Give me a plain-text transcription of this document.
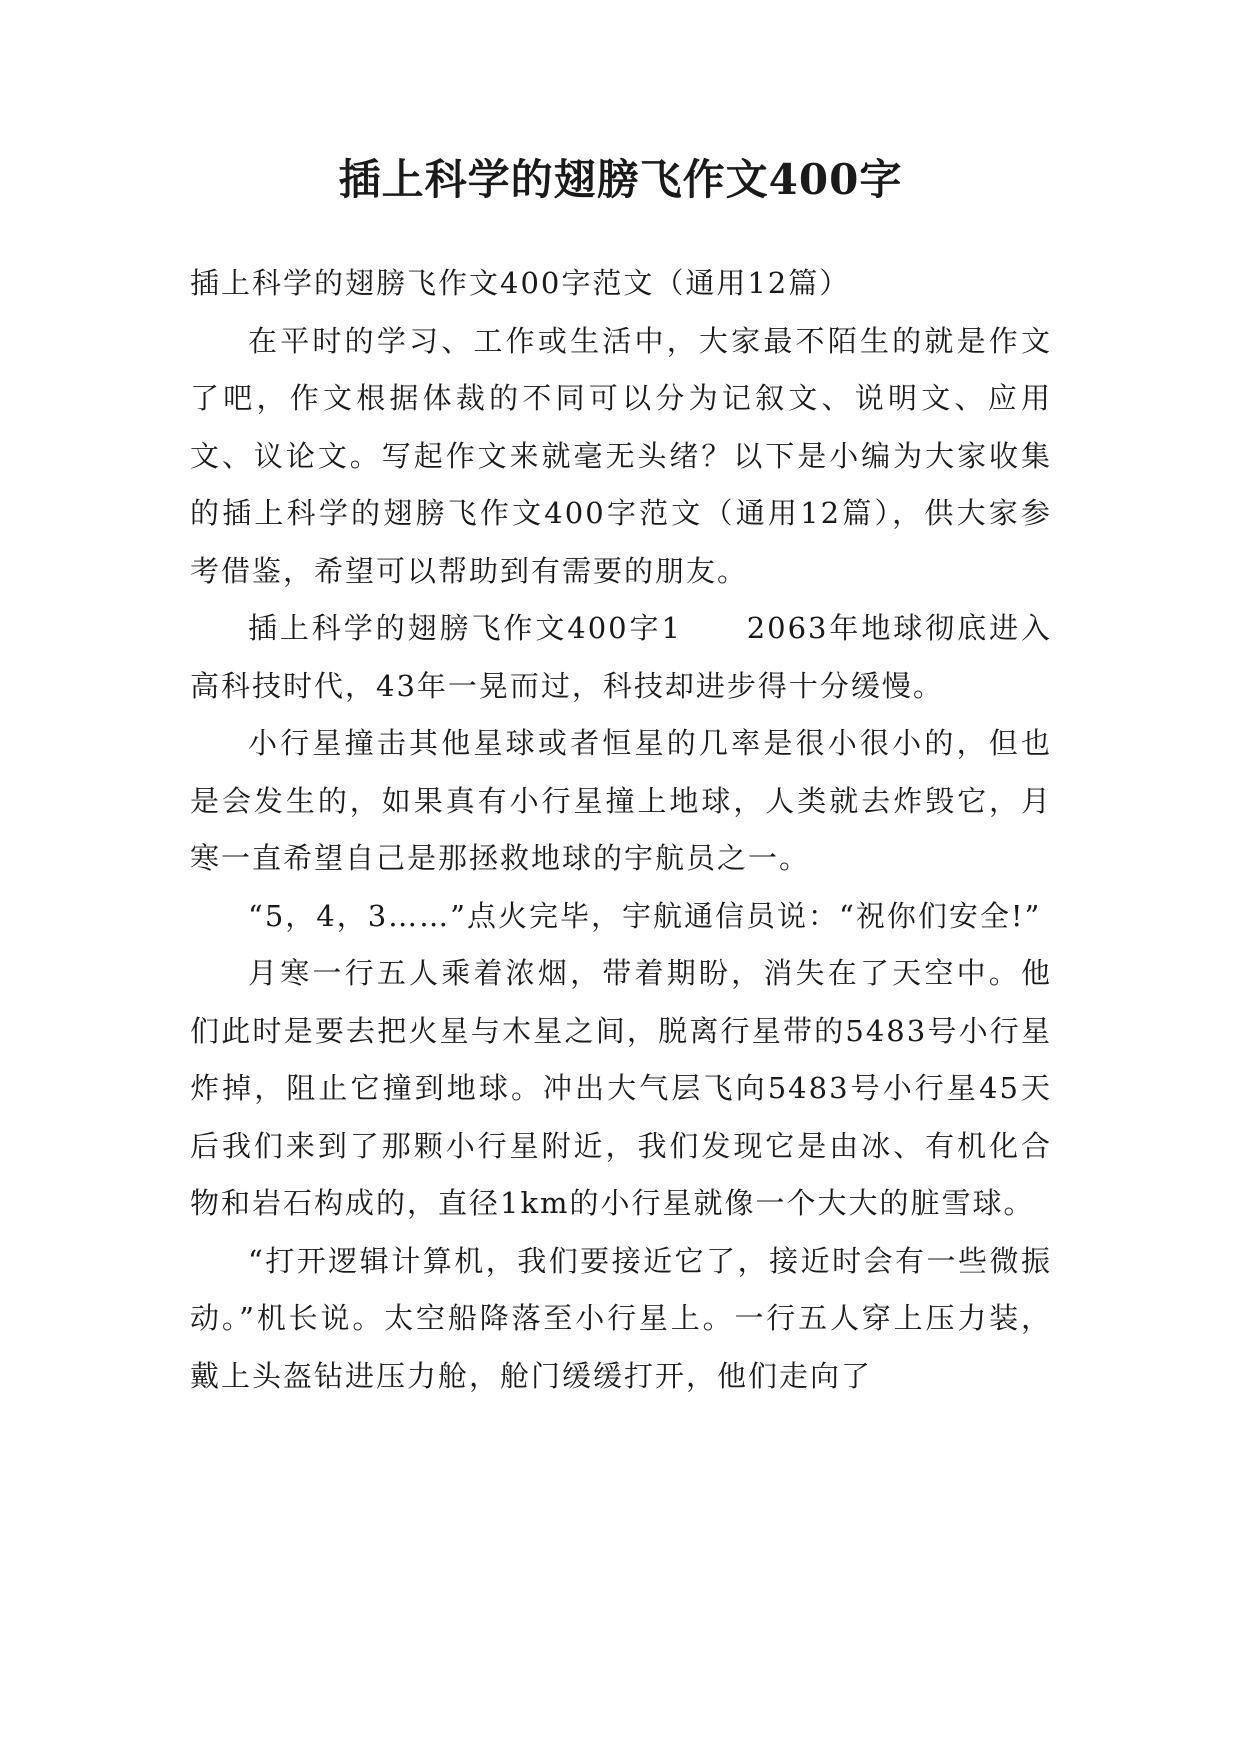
插上科学的翅膀飞作文400字

插上科学的翅膀飞作文400字范文（通用12篇）

在平时的学习、工作或生活中，大家最不陌生的就是作文了吧，作文根据体裁的不同可以分为记叙文、说明文、应用文、议论文。写起作文来就毫无头绪？以下是小编为大家收集的插上科学的翅膀飞作文400字范文（通用12篇），供大家参考借鉴，希望可以帮助到有需要的朋友。

插上科学的翅膀飞作文400字1　　2063年地球彻底进入高科技时代，43年一晃而过，科技却进步得十分缓慢。

小行星撞击其他星球或者恒星的几率是很小很小的，但也是会发生的，如果真有小行星撞上地球，人类就去炸毁它，月寒一直希望自己是那拯救地球的宇航员之一。

“5，4，3……”点火完毕，宇航通信员说：“祝你们安全!”

月寒一行五人乘着浓烟，带着期盼，消失在了天空中。他们此时是要去把火星与木星之间，脱离行星带的5483号小行星炸掉，阻止它撞到地球。冲出大气层飞向5483号小行星45天后我们来到了那颗小行星附近，我们发现它是由冰、有机化合物和岩石构成的，直径1km的小行星就像一个大大的脏雪球。

“打开逻辑计算机，我们要接近它了，接近时会有一些微振动。”机长说。太空船降落至小行星上。一行五人穿上压力装，戴上头盔钻进压力舱，舱门缓缓打开，他们走向了
